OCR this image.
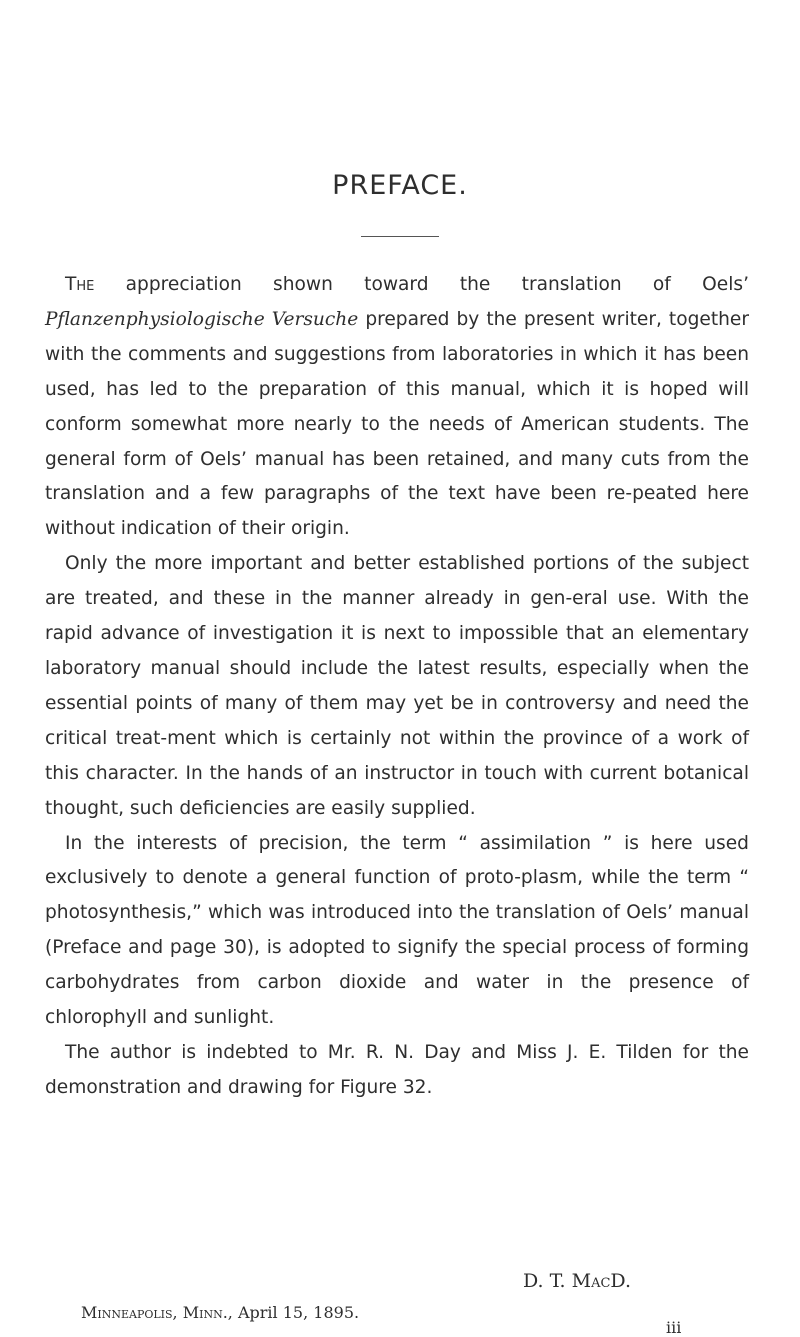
PREFACE.

The appreciation shown toward the translation of Oels’ Pflanzenphysiologische Versuche prepared by the present writer, together with the comments and suggestions from laboratories in which it has been used, has led to the preparation of this manual, which it is hoped will conform somewhat more nearly to the needs of American students. The general form of Oels’ manual has been retained, and many cuts from the translation and a few paragraphs of the text have been re-peated here without indication of their origin.

Only the more important and better established portions of the subject are treated, and these in the manner already in gen-eral use. With the rapid advance of investigation it is next to impossible that an elementary laboratory manual should include the latest results, especially when the essential points of many of them may yet be in controversy and need the critical treat-ment which is certainly not within the province of a work of this character. In the hands of an instructor in touch with current botanical thought, such deficiencies are easily supplied.

In the interests of precision, the term “ assimilation ” is here used exclusively to denote a general function of proto-plasm, while the term “ photosynthesis,” which was introduced into the translation of Oels’ manual (Preface and page 30), is adopted to signify the special process of forming carbohydrates from carbon dioxide and water in the presence of chlorophyll and sunlight.

The author is indebted to Mr. R. N. Day and Miss J. E. Tilden for the demonstration and drawing for Figure 32.

D. T. MacD.
Minneapolis, Minn., April 15, 1895.
iii
